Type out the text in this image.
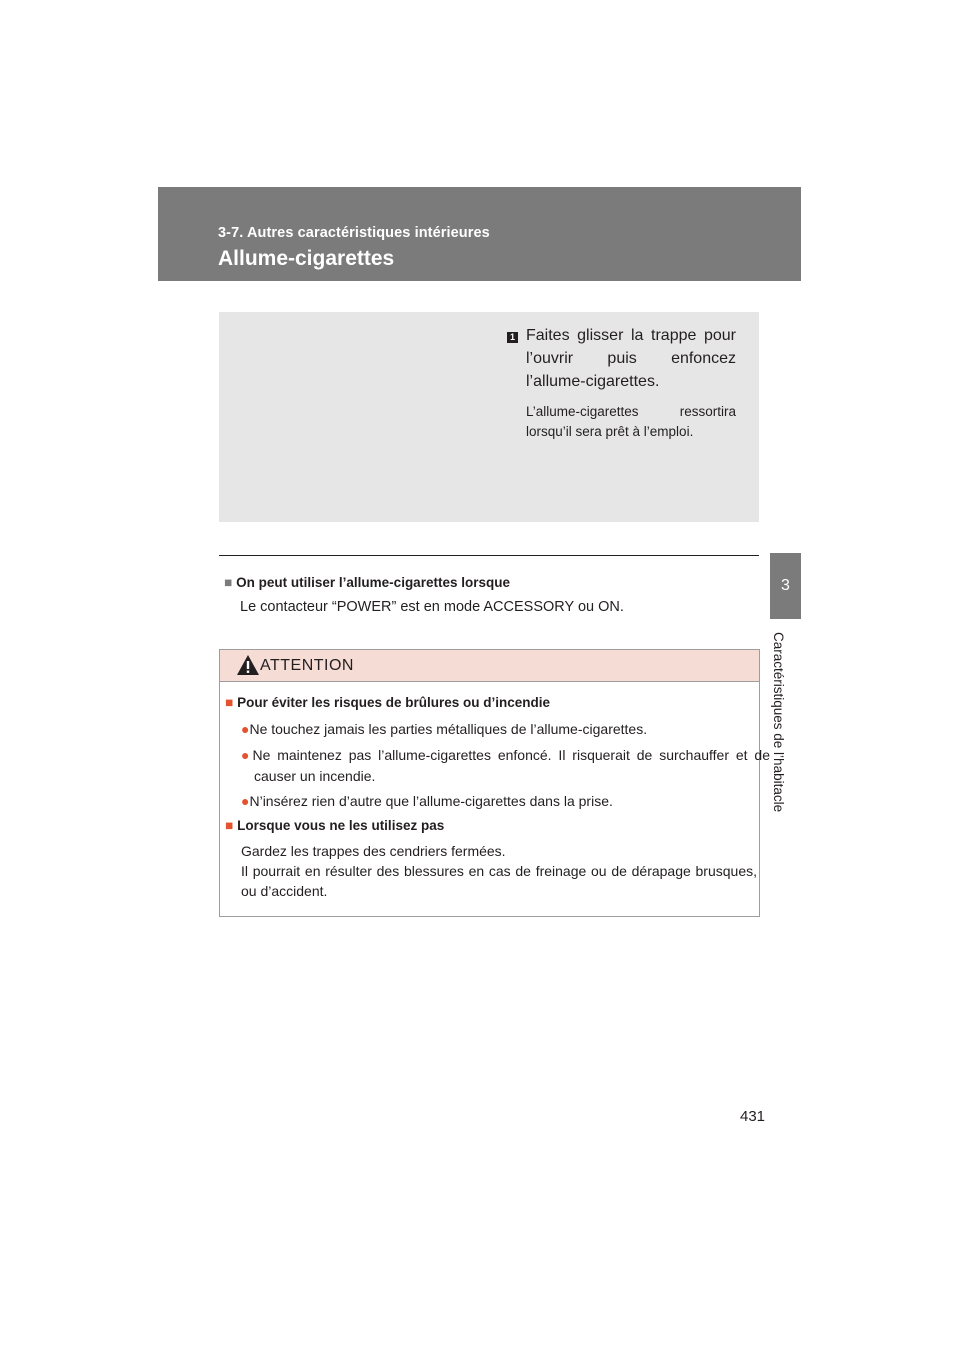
3-7. Autres caractéristiques intérieures
Allume-cigarettes
3
Caractéristiques de l’habitacle
1 Faites glisser la trappe pour l’ouvrir puis enfoncez l’allume-cigarettes.
L’allume-cigarettes ressortira lorsqu’il sera prêt à l’emploi.
■ On peut utiliser l’allume-cigarettes lorsque
Le contacteur “POWER” est en mode ACCESSORY ou ON.
ATTENTION
■ Pour éviter les risques de brûlures ou d’incendie
●Ne touchez jamais les parties métalliques de l’allume-cigarettes.
●Ne maintenez pas l’allume-cigarettes enfoncé. Il risquerait de surchauffer et de causer un incendie.
●N’insérez rien d’autre que l’allume-cigarettes dans la prise.
■ Lorsque vous ne les utilisez pas
Gardez les trappes des cendriers fermées.
Il pourrait en résulter des blessures en cas de freinage ou de dérapage brusques, ou d’accident.
431
